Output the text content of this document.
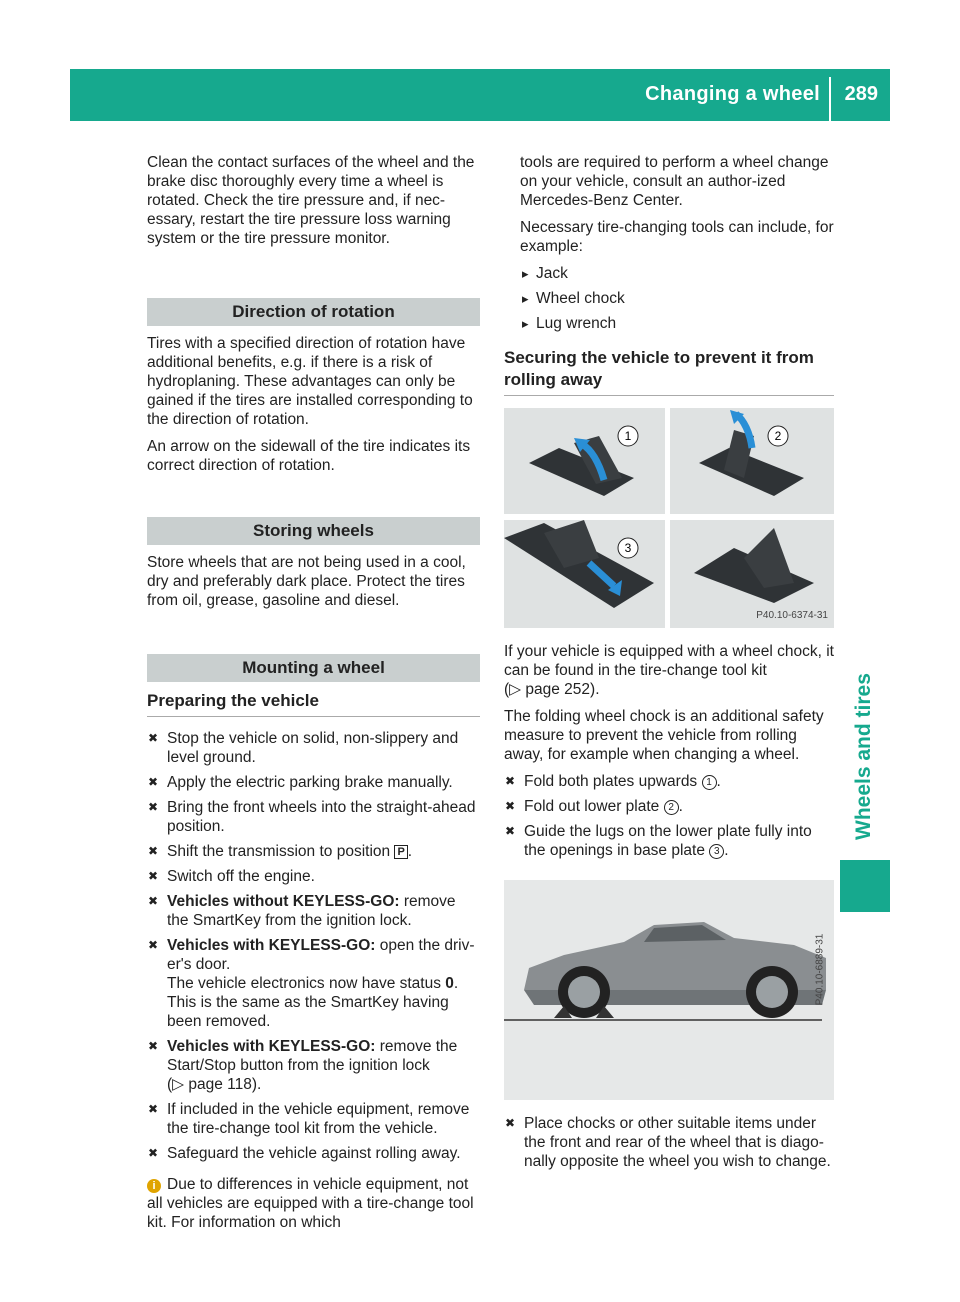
Changing a wheel 289
Wheels and tires

Clean the contact surfaces of the wheel and the brake disc thoroughly every time a wheel is rotated. Check the tire pressure and, if nec-essary, restart the tire pressure loss warning system or the tire pressure monitor.

Direction of rotation

Tires with a specified direction of rotation have additional benefits, e.g. if there is a risk of hydroplaning. These advantages can only be gained if the tires are installed corresponding to the direction of rotation.

An arrow on the sidewall of the tire indicates its correct direction of rotation.

Storing wheels

Store wheels that are not being used in a cool, dry and preferably dark place. Protect the tires from oil, grease, gasoline and diesel.

Mounting a wheel
Preparing the vehicle
✖ Stop the vehicle on solid, non-slippery and level ground.
✖ Apply the electric parking brake manually.
✖ Bring the front wheels into the straight-ahead position.
✖ Shift the transmission to position P .
✖ Switch off the engine.
✖ Vehicles without KEYLESS-GO: remove the SmartKey from the ignition lock.
✖ Vehicles with KEYLESS-GO: open the driv-er's door.
The vehicle electronics now have status 0.
This is the same as the SmartKey having been removed.
✖ Vehicles with KEYLESS-GO: remove the Start/Stop button from the ignition lock
(▷ page 118).
✖ If included in the vehicle equipment, remove the tire-change tool kit from the vehicle.
✖ Safeguard the vehicle against rolling away.

i Due to differences in vehicle equipment, not all vehicles are equipped with a tire-change tool kit. For information on which

tools are required to perform a wheel change on your vehicle, consult an author-ized Mercedes-Benz Center.

Necessary tire-changing tools can include, for example:

▸ Jack
▸ Wheel chock
▸ Lug wrench
Securing the vehicle to prevent it from rolling away
1	2
3
P40.10-6374-31

If your vehicle is equipped with a wheel chock, it can be found in the tire-change tool kit
(▷ page 252).

The folding wheel chock is an additional safety measure to prevent the vehicle from rolling away, for example when changing a wheel.

✖ Fold both plates upwards 1 .
✖ Fold out lower plate 2 .
✖ Guide the lugs on the lower plate fully into the openings in base plate 3 .
P40.10-6889-31
✖ Place chocks or other suitable items under the front and rear of the wheel that is diago-nally opposite the wheel you wish to change.
